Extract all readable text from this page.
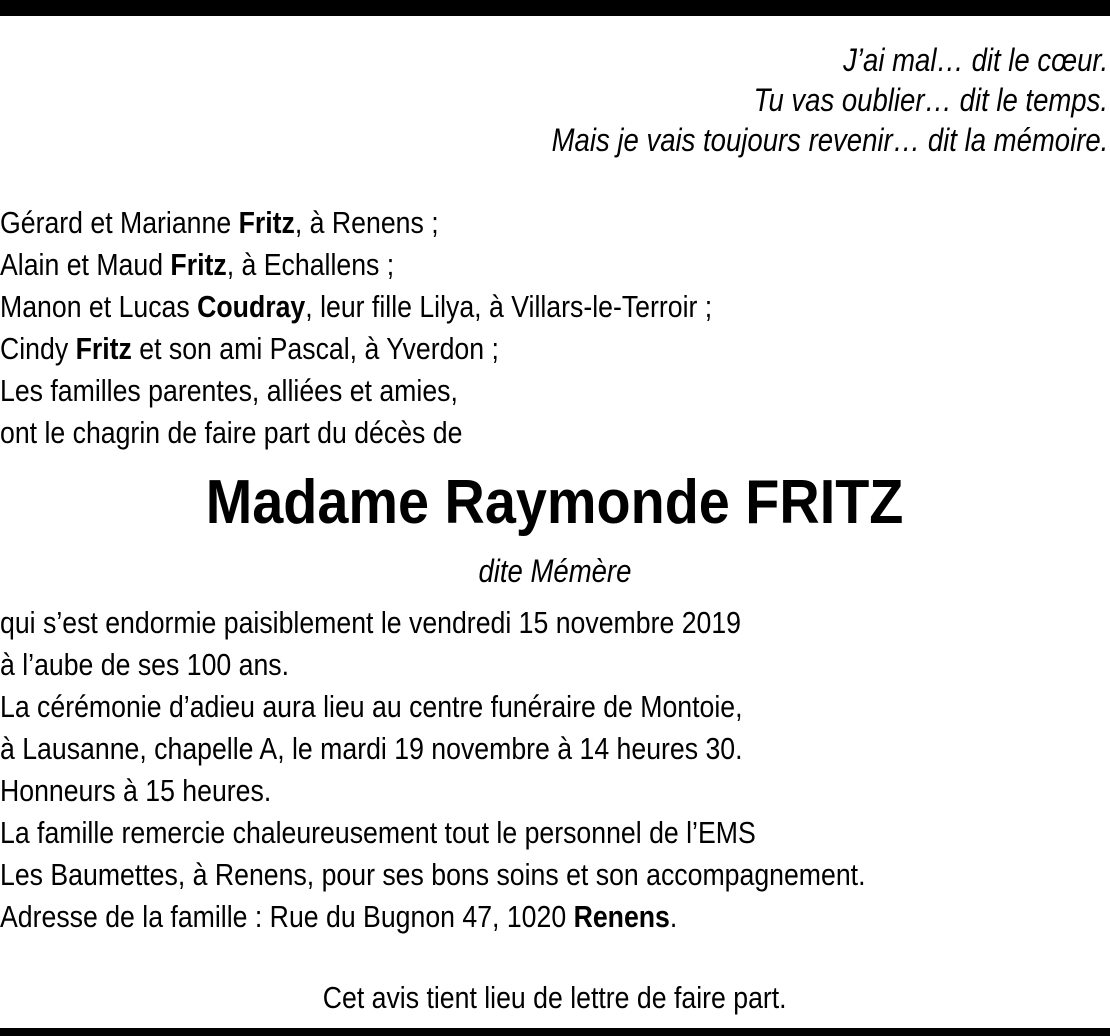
J’ai mal… dit le cœur.
Tu vas oublier… dit le temps.
Mais je vais toujours revenir… dit la mémoire.
Gérard et Marianne Fritz, à Renens ;
Alain et Maud Fritz, à Echallens ;
Manon et Lucas Coudray, leur fille Lilya, à Villars-le-Terroir ;
Cindy Fritz et son ami Pascal, à Yverdon ;
Les familles parentes, alliées et amies,
ont le chagrin de faire part du décès de
Madame Raymonde FRITZ
dite Mémère
qui s’est endormie paisiblement le vendredi 15 novembre 2019
à l’aube de ses 100 ans.
La cérémonie d’adieu aura lieu au centre funéraire de Montoie,
à Lausanne, chapelle A, le mardi 19 novembre à 14 heures 30.
Honneurs à 15 heures.
La famille remercie chaleureusement tout le personnel de l’EMS
Les Baumettes, à Renens, pour ses bons soins et son accompagnement.
Adresse de la famille : Rue du Bugnon 47, 1020 Renens.
Cet avis tient lieu de lettre de faire part.
